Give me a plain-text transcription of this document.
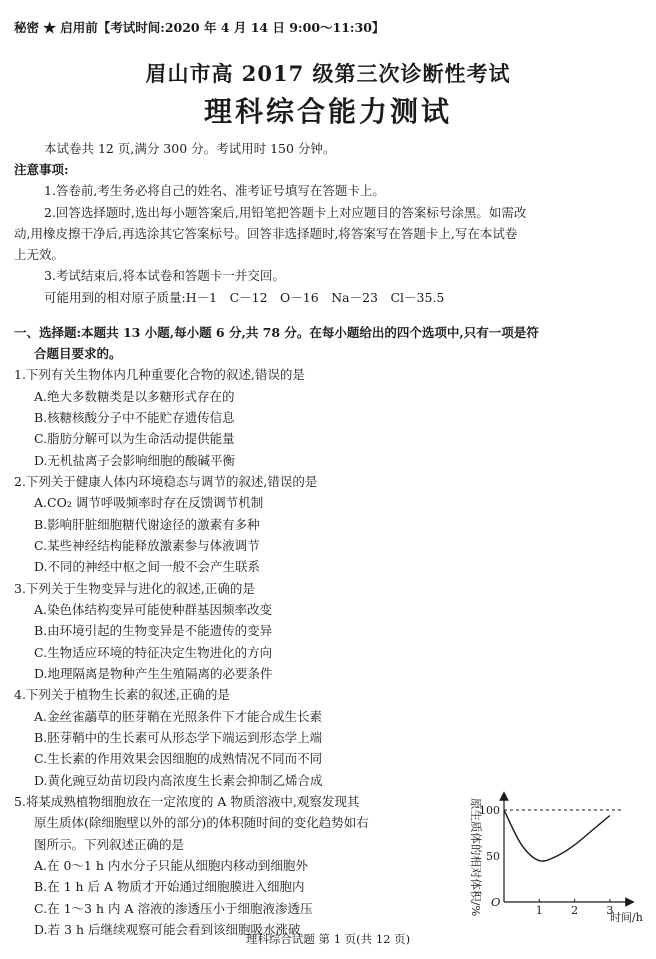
秘密 ★ 启用前【考试时间:2020 年 4 月 14 日 9:00～11:30】
眉山市高 2017 级第三次诊断性考试
理科综合能力测试
本试卷共 12 页,满分 300 分。考试用时 150 分钟。
注意事项:
1.答卷前,考生务必将自己的姓名、准考证号填写在答题卡上。
2.回答选择题时,选出每小题答案后,用铅笔把答题卡上对应题目的答案标号涂黑。如需改
动,用橡皮擦干净后,再选涂其它答案标号。回答非选择题时,将答案写在答题卡上,写在本试卷
上无效。
3.考试结束后,将本试卷和答题卡一并交回。
可能用到的相对原子质量:H－1　C－12　O－16　Na－23　Cl－35.5
一、选择题:本题共 13 小题,每小题 6 分,共 78 分。在每小题给出的四个选项中,只有一项是符
合题目要求的。
1.下列有关生物体内几种重要化合物的叙述,错误的是
A.绝大多数糖类是以多糖形式存在的
B.核糖核酸分子中不能贮存遗传信息
C.脂肪分解可以为生命活动提供能量
D.无机盐离子会影响细胞的酸碱平衡
2.下列关于健康人体内环境稳态与调节的叙述,错误的是
A.CO₂ 调节呼吸频率时存在反馈调节机制
B.影响肝脏细胞糖代谢途径的激素有多种
C.某些神经结构能释放激素参与体液调节
D.不同的神经中枢之间一般不会产生联系
3.下列关于生物变异与进化的叙述,正确的是
A.染色体结构变异可能使种群基因频率改变
B.由环境引起的生物变异是不能遗传的变异
C.生物适应环境的特征决定生物进化的方向
D.地理隔离是物种产生生殖隔离的必要条件
4.下列关于植物生长素的叙述,正确的是
A.金丝雀虉草的胚芽鞘在光照条件下才能合成生长素
B.胚芽鞘中的生长素可从形态学下端运到形态学上端
C.生长素的作用效果会因细胞的成熟情况不同而不同
D.黄化豌豆幼苗切段内高浓度生长素会抑制乙烯合成
5.将某成熟植物细胞放在一定浓度的 A 物质溶液中,观察发现其
原生质体(除细胞壁以外的部分)的体积随时间的变化趋势如右
图所示。下列叙述正确的是
A.在 0～1 h 内水分子只能从细胞内移动到细胞外
B.在 1 h 后 A 物质才开始通过细胞膜进入细胞内
C.在 1～3 h 内 A 溶液的渗透压小于细胞液渗透压
D.若 3 h 后继续观察可能会看到该细胞吸水涨破
原生质体的相对体积/% O
50
100
1	2	3
时间/h
理科综合试题 第 1 页(共 12 页)
